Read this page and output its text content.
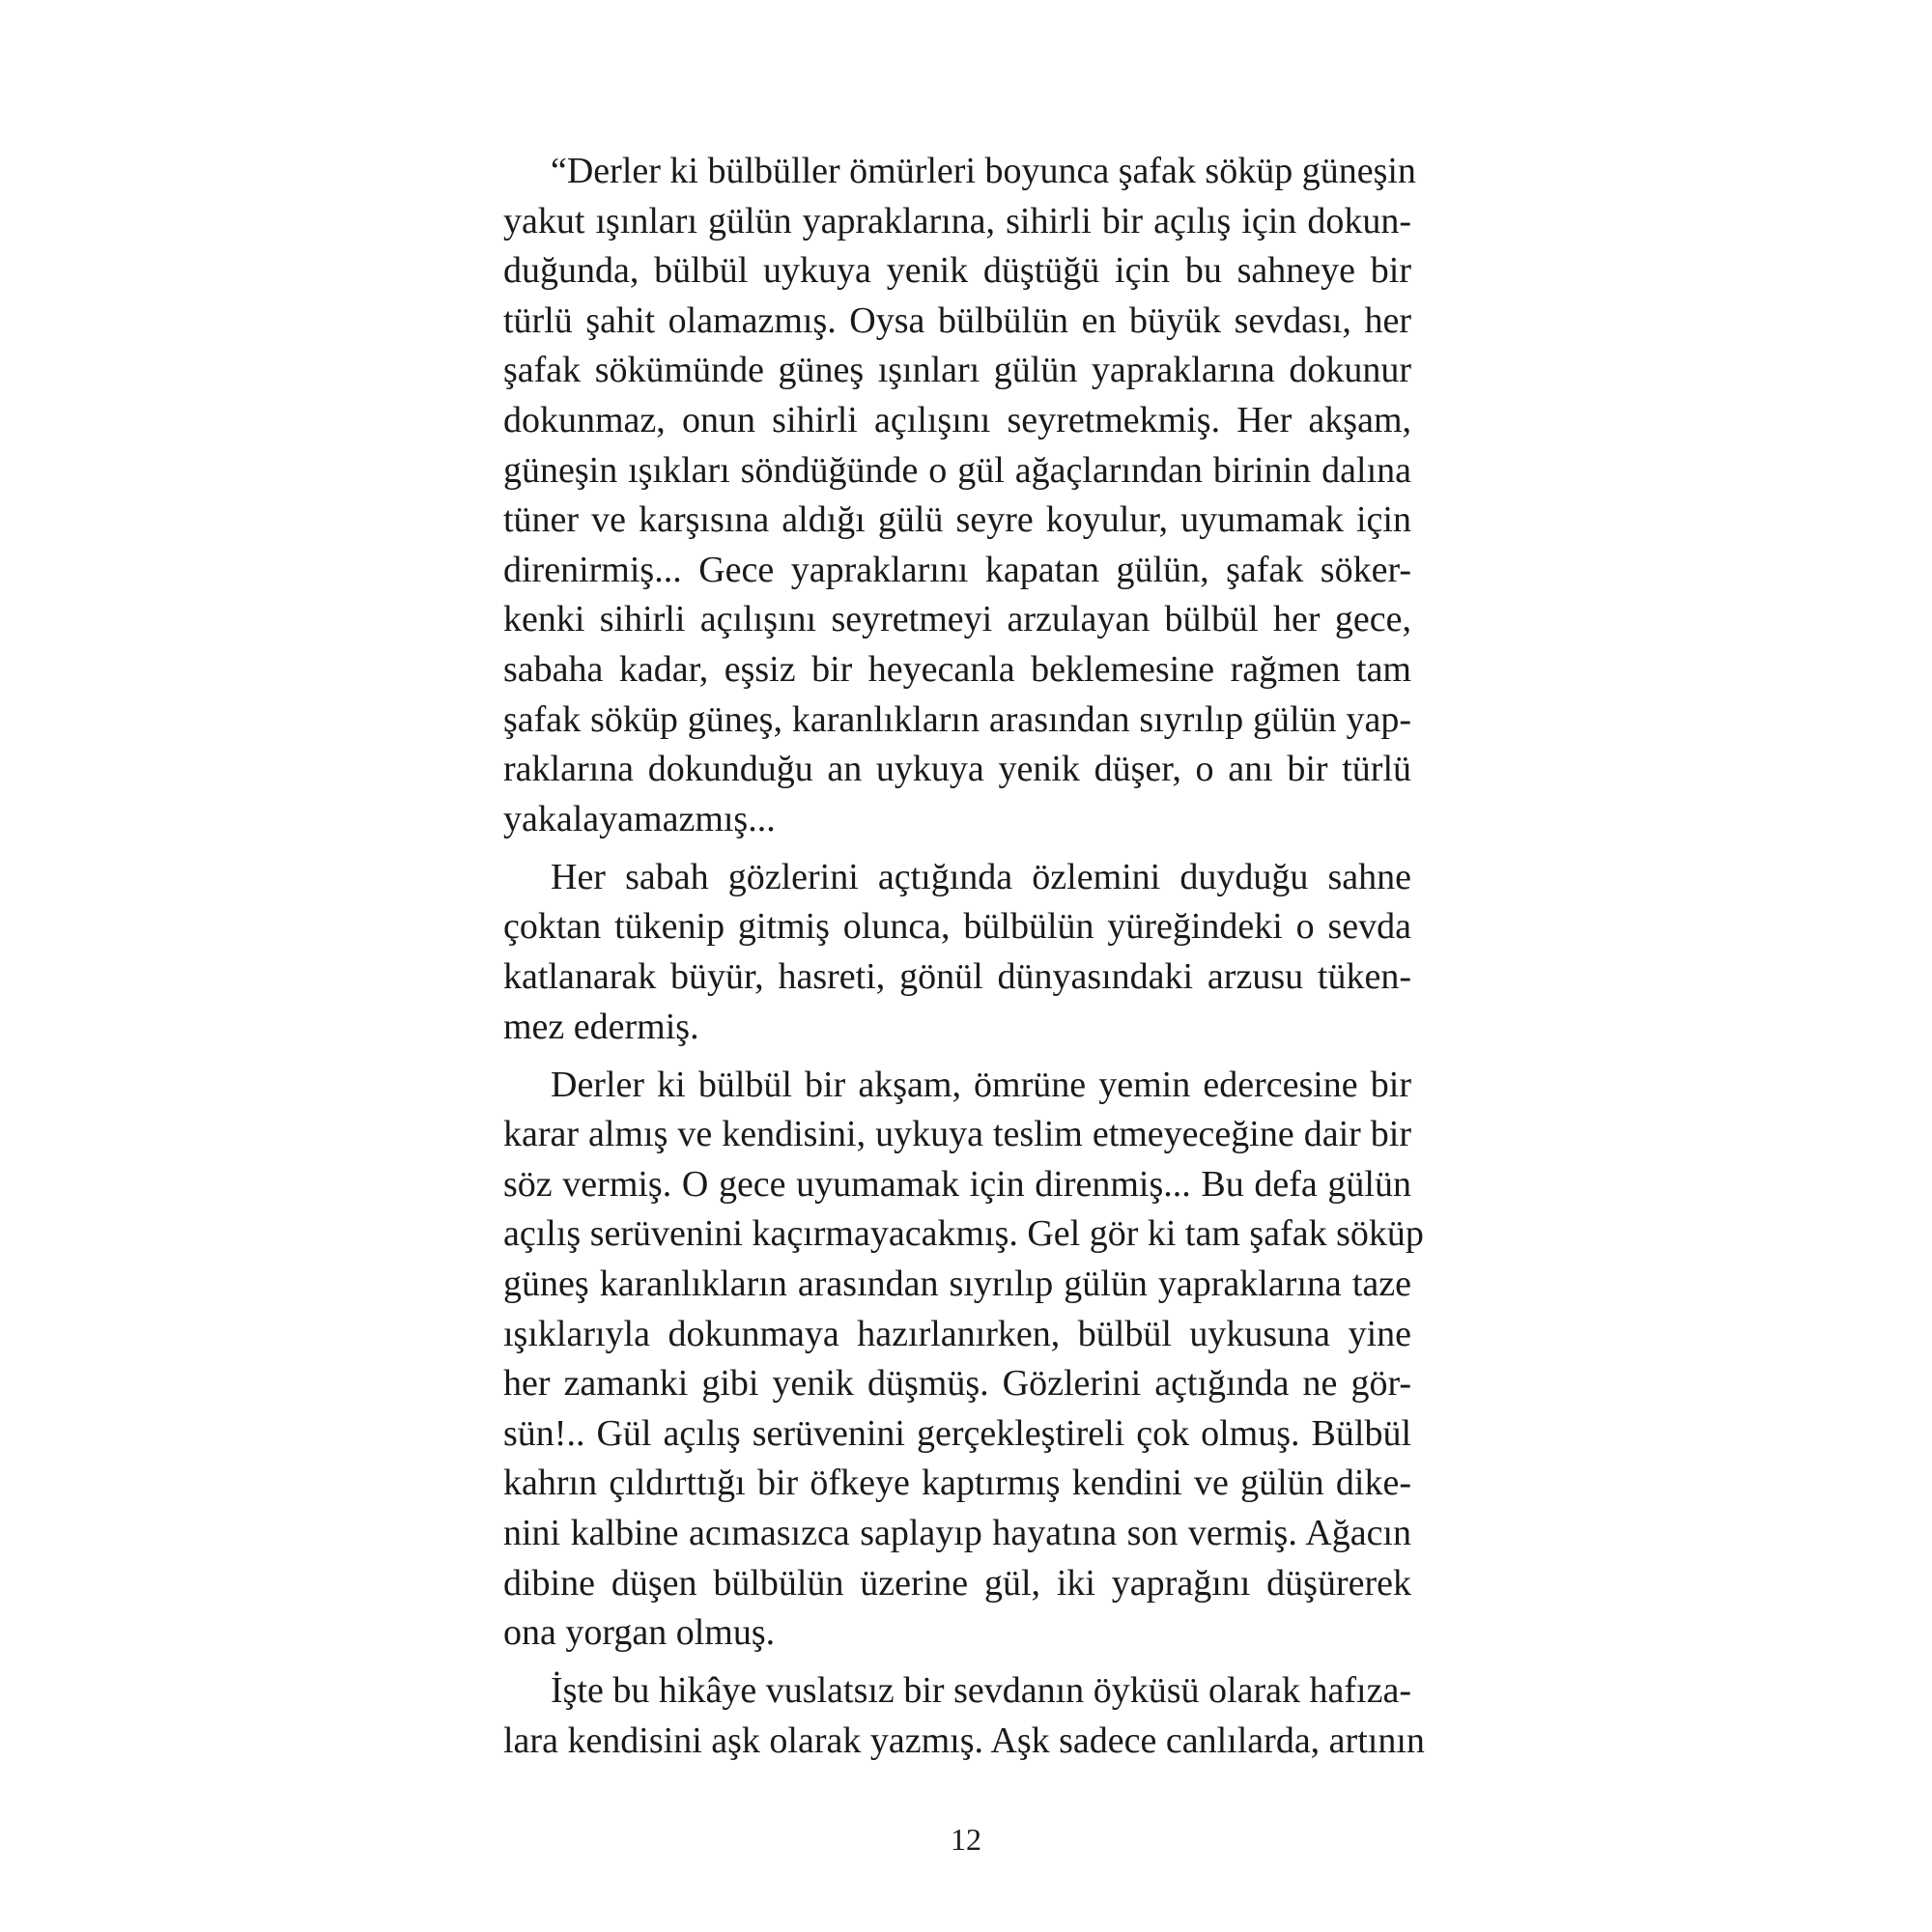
“Derler ki bülbüller ömürleri boyunca şafak söküp güneşin
yakut ışınları gülün yapraklarına, sihirli bir açılış için dokun-
duğunda, bülbül uykuya yenik düştüğü için bu sahneye bir
türlü şahit olamazmış. Oysa bülbülün en büyük sevdası, her
şafak sökümünde güneş ışınları gülün yapraklarına dokunur
dokunmaz, onun sihirli açılışını seyretmekmiş. Her akşam,
güneşin ışıkları söndüğünde o gül ağaçlarından birinin dalına
tüner ve karşısına aldığı gülü seyre koyulur, uyumamak için
direnirmiş... Gece yapraklarını kapatan gülün, şafak söker-
kenki sihirli açılışını seyretmeyi arzulayan bülbül her gece,
sabaha kadar, eşsiz bir heyecanla beklemesine rağmen tam
şafak söküp güneş, karanlıkların arasından sıyrılıp gülün yap-
raklarına dokunduğu an uykuya yenik düşer, o anı bir türlü
yakalayamazmış...
Her sabah gözlerini açtığında özlemini duyduğu sahne
çoktan tükenip gitmiş olunca, bülbülün yüreğindeki o sevda
katlanarak büyür, hasreti, gönül dünyasındaki arzusu tüken-
mez edermiş.
Derler ki bülbül bir akşam, ömrüne yemin edercesine bir
karar almış ve kendisini, uykuya teslim etmeyeceğine dair bir
söz vermiş. O gece uyumamak için direnmiş... Bu defa gülün
açılış serüvenini kaçırmayacakmış. Gel gör ki tam şafak söküp
güneş karanlıkların arasından sıyrılıp gülün yapraklarına taze
ışıklarıyla dokunmaya hazırlanırken, bülbül uykusuna yine
her zamanki gibi yenik düşmüş. Gözlerini açtığında ne gör-
sün!.. Gül açılış serüvenini gerçekleştireli çok olmuş. Bülbül
kahrın çıldırttığı bir öfkeye kaptırmış kendini ve gülün dike-
nini kalbine acımasızca saplayıp hayatına son vermiş. Ağacın
dibine düşen bülbülün üzerine gül, iki yaprağını düşürerek
ona yorgan olmuş.
İşte bu hikâye vuslatsız bir sevdanın öyküsü olarak hafıza-
lara kendisini aşk olarak yazmış. Aşk sadece canlılarda, artının
12
